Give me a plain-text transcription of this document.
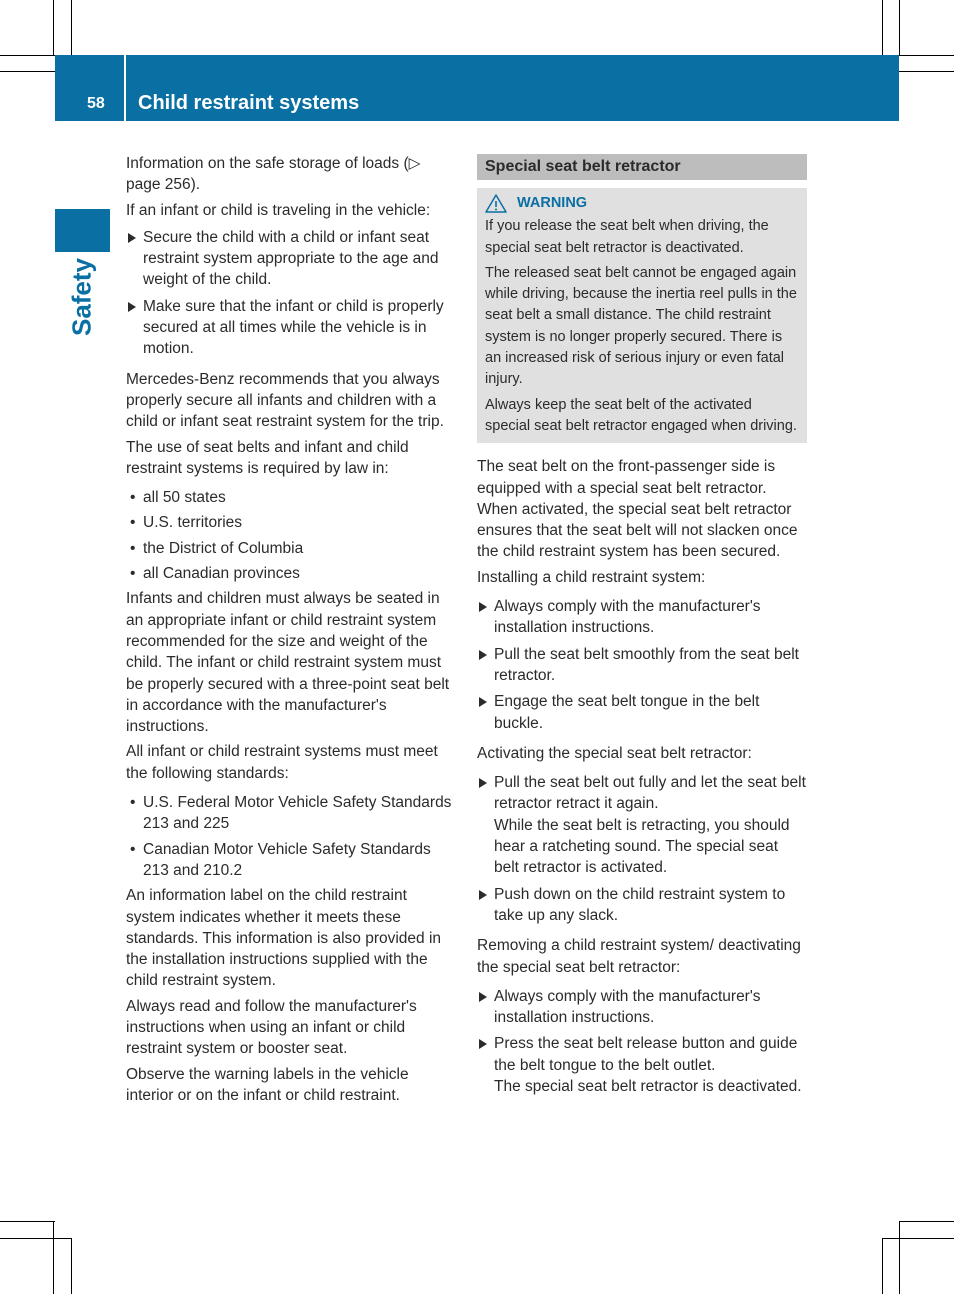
58 Child restraint systems
Safety

Information on the safe storage of loads (▷ page 256).

If an infant or child is traveling in the vehicle:

Secure the child with a child or infant seat restraint system appropriate to the age and weight of the child.
Make sure that the infant or child is properly secured at all times while the vehicle is in motion.

Mercedes-Benz recommends that you always properly secure all infants and children with a child or infant seat restraint system for the trip.

The use of seat belts and infant and child restraint systems is required by law in:

• all 50 states
• U.S. territories
• the District of Columbia
• all Canadian provinces

Infants and children must always be seated in an appropriate infant or child restraint system recommended for the size and weight of the child. The infant or child restraint system must be properly secured with a three-point seat belt in accordance with the manufacturer's instructions.

All infant or child restraint systems must meet the following standards:

• U.S. Federal Motor Vehicle Safety Standards 213 and 225
• Canadian Motor Vehicle Safety Standards 213 and 210.2

An information label on the child restraint system indicates whether it meets these standards. This information is also provided in the installation instructions supplied with the child restraint system.

Always read and follow the manufacturer's instructions when using an infant or child restraint system or booster seat.

Observe the warning labels in the vehicle interior or on the infant or child restraint.

Special seat belt retractor
WARNING

If you release the seat belt when driving, the special seat belt retractor is deactivated.

The released seat belt cannot be engaged again while driving, because the inertia reel pulls in the seat belt a small distance. The child restraint system is no longer properly secured. There is an increased risk of serious injury or even fatal injury.

Always keep the seat belt of the activated special seat belt retractor engaged when driving.

The seat belt on the front-passenger side is equipped with a special seat belt retractor. When activated, the special seat belt retractor ensures that the seat belt will not slacken once the child restraint system has been secured.

Installing a child restraint system:

Always comply with the manufacturer's installation instructions.
Pull the seat belt smoothly from the seat belt retractor.
Engage the seat belt tongue in the belt buckle.

Activating the special seat belt retractor:

Pull the seat belt out fully and let the seat belt retractor retract it again.
While the seat belt is retracting, you should hear a ratcheting sound. The special seat belt retractor is activated.
Push down on the child restraint system to take up any slack.

Removing a child restraint system/ deactivating the special seat belt retractor:

Always comply with the manufacturer's installation instructions.
Press the seat belt release button and guide the belt tongue to the belt outlet.
The special seat belt retractor is deactivated.
